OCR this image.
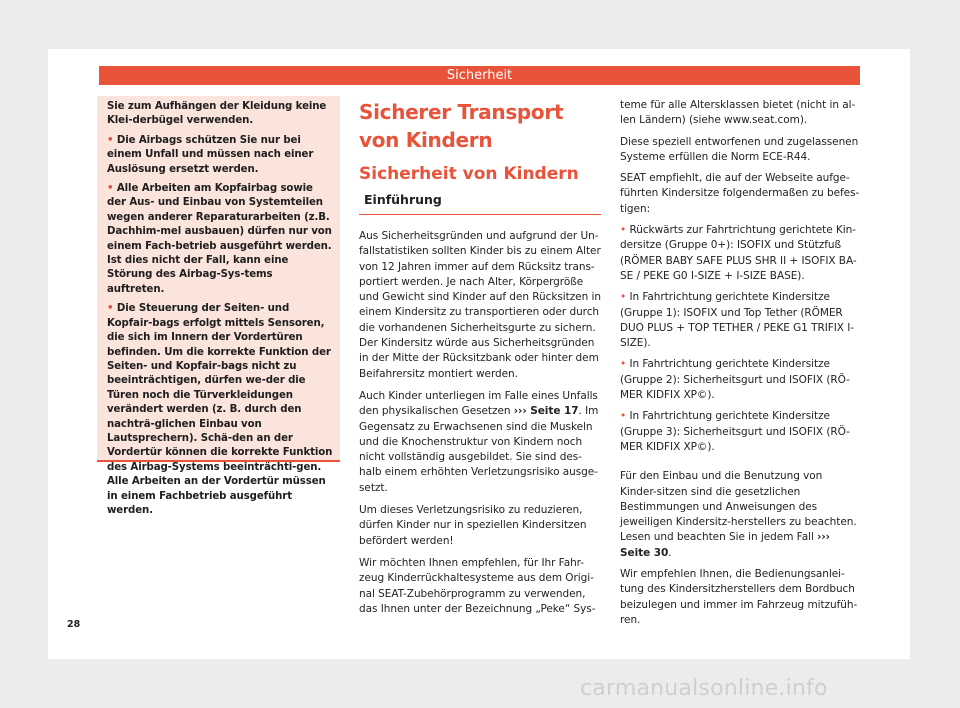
Sicherheit

Sie zum Aufhängen der Kleidung keine Klei-derbügel verwenden.

• Die Airbags schützen Sie nur bei einem Unfall und müssen nach einer Auslösung ersetzt werden.

• Alle Arbeiten am Kopfairbag sowie der Aus- und Einbau von Systemteilen wegen anderer Reparaturarbeiten (z.B. Dachhim-mel ausbauen) dürfen nur von einem Fach-betrieb ausgeführt werden. Ist dies nicht der Fall, kann eine Störung des Airbag-Sys-tems auftreten.

• Die Steuerung der Seiten- und Kopfair-bags erfolgt mittels Sensoren, die sich im Innern der Vordertüren befinden. Um die korrekte Funktion der Seiten- und Kopfair-bags nicht zu beeinträchtigen, dürfen we-der die Türen noch die Türverkleidungen verändert werden (z. B. durch den nachträ-glichen Einbau von Lautsprechern). Schä-den an der Vordertür können die korrekte Funktion des Airbag-Systems beeinträchti-gen. Alle Arbeiten an der Vordertür müssen in einem Fachbetrieb ausgeführt werden.

Sicherer Transport von Kindern
Sicherheit von Kindern
Einführung

Aus Sicherheitsgründen und aufgrund der Un-fallstatistiken sollten Kinder bis zu einem Alter von 12 Jahren immer auf dem Rücksitz trans-portiert werden. Je nach Alter, Körpergröße und Gewicht sind Kinder auf den Rücksitzen in einem Kindersitz zu transportieren oder durch die vorhandenen Sicherheitsgurte zu sichern. Der Kindersitz würde aus Sicherheitsgründen in der Mitte der Rücksitzbank oder hinter dem Beifahrersitz montiert werden.

Auch Kinder unterliegen im Falle eines Unfalls den physikalischen Gesetzen ››› Seite 17. Im Gegensatz zu Erwachsenen sind die Muskeln und die Knochenstruktur von Kindern noch nicht vollständig ausgebildet. Sie sind des-halb einem erhöhten Verletzungsrisiko ausge-setzt.

Um dieses Verletzungsrisiko zu reduzieren, dürfen Kinder nur in speziellen Kindersitzen befördert werden!

Wir möchten Ihnen empfehlen, für Ihr Fahr-zeug Kinderrückhaltesysteme aus dem Origi-nal SEAT-Zubehörprogramm zu verwenden, das Ihnen unter der Bezeichnung „Peke“ Sys-

teme für alle Altersklassen bietet (nicht in al-len Ländern) (siehe www.seat.com).

Diese speziell entworfenen und zugelassenen Systeme erfüllen die Norm ECE-R44.

SEAT empfiehlt, die auf der Webseite aufge-führten Kindersitze folgendermaßen zu befes-tigen:

• Rückwärts zur Fahrtrichtung gerichtete Kin-dersitze (Gruppe 0+): ISOFIX und Stützfuß (RÖMER BABY SAFE PLUS SHR II + ISOFIX BA-SE / PEKE G0 I-SIZE + I-SIZE BASE).

• In Fahrtrichtung gerichtete Kindersitze (Gruppe 1): ISOFIX und Top Tether (RÖMER DUO PLUS + TOP TETHER / PEKE G1 TRIFIX I-SIZE).

• In Fahrtrichtung gerichtete Kindersitze (Gruppe 2): Sicherheitsgurt und ISOFIX (RÖ-MER KIDFIX XP©).

• In Fahrtrichtung gerichtete Kindersitze (Gruppe 3): Sicherheitsgurt und ISOFIX (RÖ-MER KIDFIX XP©).

Für den Einbau und die Benutzung von Kinder-sitzen sind die gesetzlichen Bestimmungen und Anweisungen des jeweiligen Kindersitz-herstellers zu beachten. Lesen und beachten Sie in jedem Fall ››› Seite 30.

Wir empfehlen Ihnen, die Bedienungsanlei-tung des Kindersitzherstellers dem Bordbuch beizulegen und immer im Fahrzeug mitzufüh-ren.

28
carmanualsonline.info
